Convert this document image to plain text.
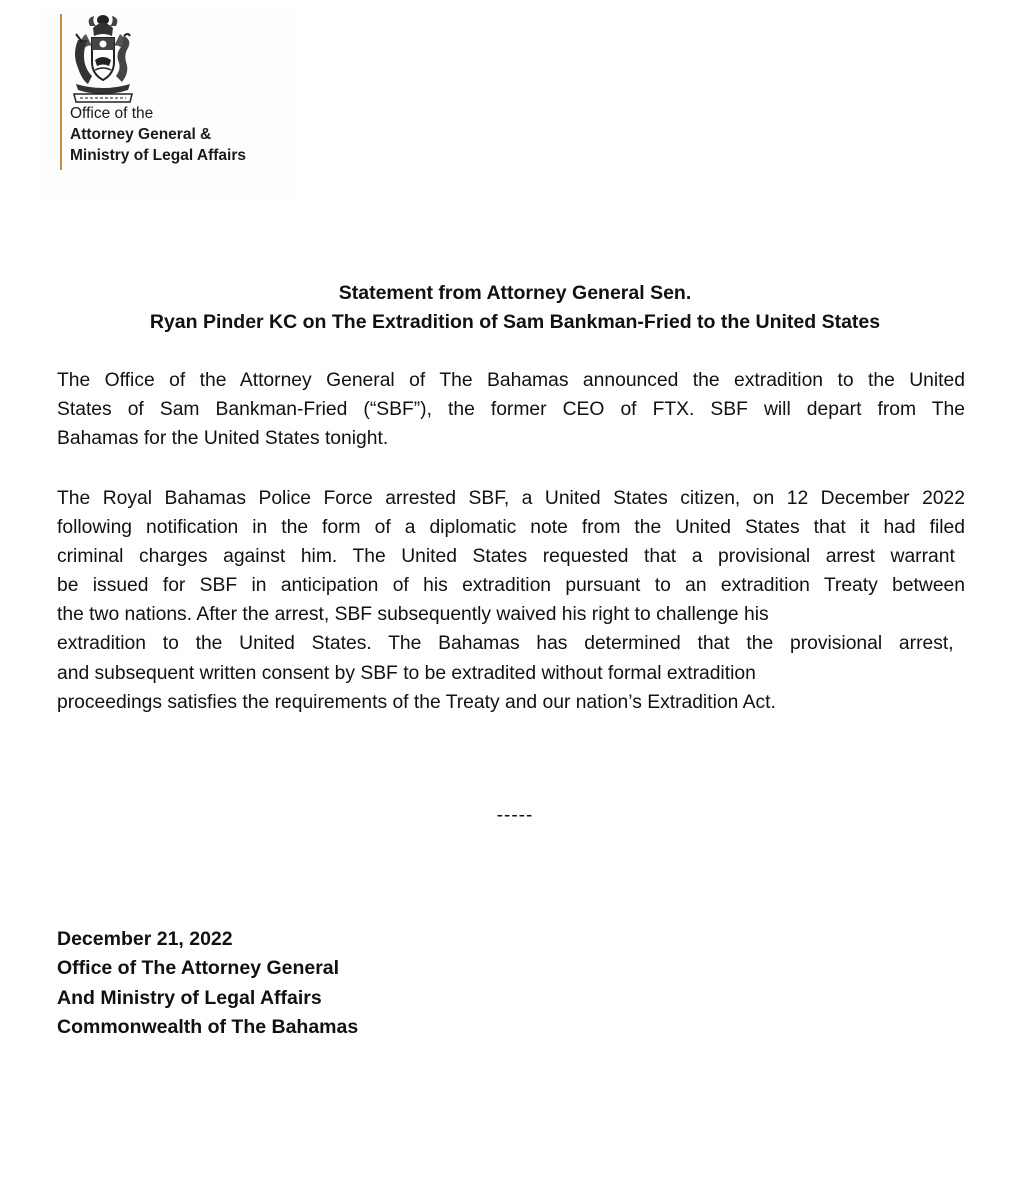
Office of the
Attorney General &
Ministry of Legal Affairs
Statement from Attorney General Sen.
Ryan Pinder KC on The Extradition of Sam Bankman-Fried to the United States
The Office of the Attorney General of The Bahamas announced the extradition to the United
States of Sam Bankman-Fried (“SBF”), the former CEO of FTX. SBF will depart from The
Bahamas for the United States tonight.
The Royal Bahamas Police Force arrested SBF, a United States citizen, on 12 December 2022
following notification in the form of a diplomatic note from the United States that it had filed
criminal charges against him. The United States requested that a provisional arrest warrant
be issued for SBF in anticipation of his extradition pursuant to an extradition Treaty between
the two nations. After the arrest, SBF subsequently waived his right to challenge his
extradition to the United States. The Bahamas has determined that the provisional arrest,
and subsequent written consent by SBF to be extradited without formal extradition
proceedings satisfies the requirements of the Treaty and our nation’s Extradition Act.
-----
December 21, 2022
Office of The Attorney General
And Ministry of Legal Affairs
Commonwealth of The Bahamas
